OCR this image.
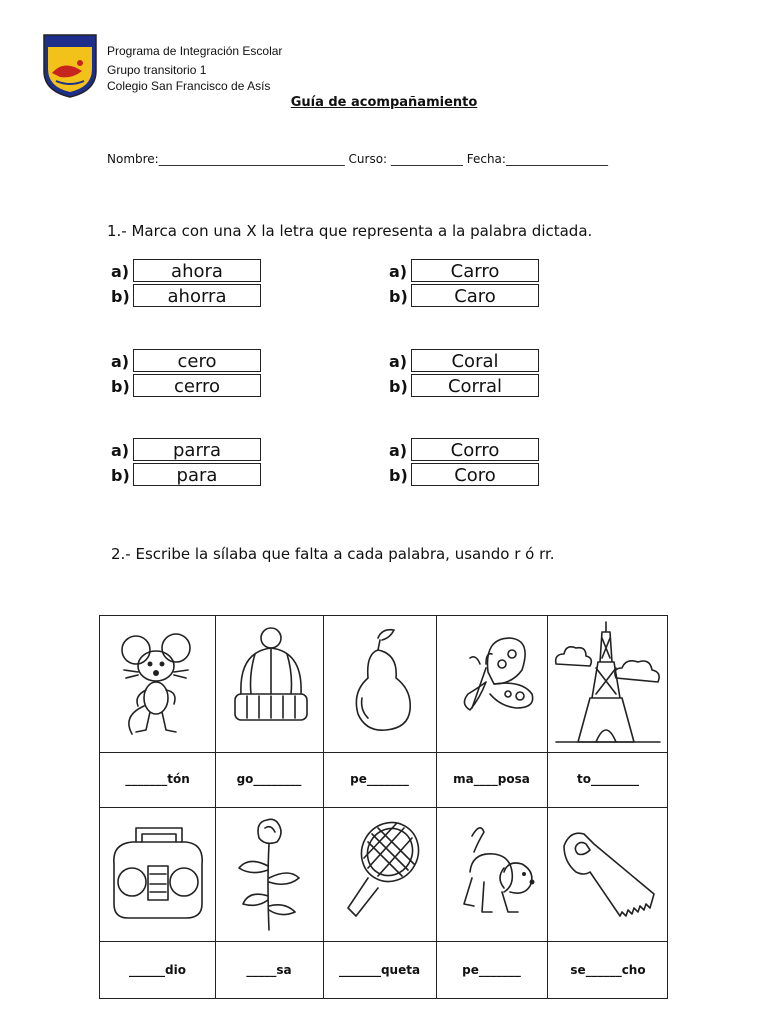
Programa de Integración Escolar
Grupo transitorio 1
Colegio San Francisco de Asís
Guía de acompañamiento
Nombre:_______________________________ Curso: ____________ Fecha:_________________
1.- Marca con una X la letra que representa a la palabra dictada.
a)	ahora
b)	ahorra
a)	Carro
b)	Caro
a)	cero
b)	cerro
a)	Coral
b)	Corral
a)	parra
b)	para
a)	Corro
b)	Coro
2.- Escribe la sílaba que falta a cada palabra, usando r ó rr.
_______tón	go________	pe_______	ma____posa	to________
______dio	_____sa	_______queta	pe_______	se______cho
